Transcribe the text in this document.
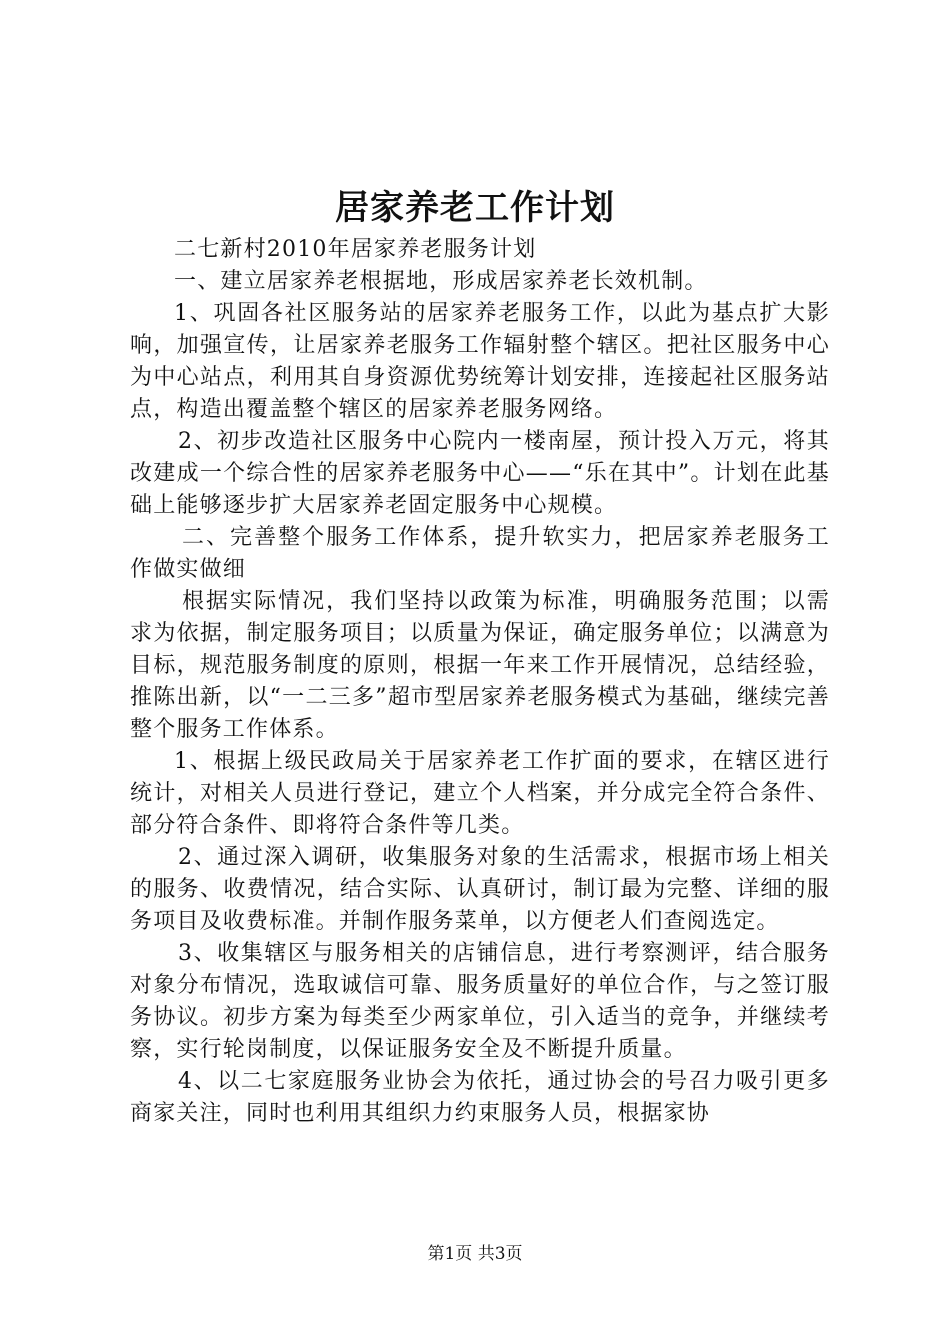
居家养老工作计划

二七新村2010年居家养老服务计划

一、建立居家养老根据地，形成居家养老长效机制。

1、巩固各社区服务站的居家养老服务工作，以此为基点扩大影响，加强宣传，让居家养老服务工作辐射整个辖区。把社区服务中心为中心站点，利用其自身资源优势统筹计划安排，连接起社区服务站点，构造出覆盖整个辖区的居家养老服务网络。

2、初步改造社区服务中心院内一楼南屋，预计投入万元，将其改建成一个综合性的居家养老服务中心——“乐在其中”。计划在此基础上能够逐步扩大居家养老固定服务中心规模。

二、完善整个服务工作体系，提升软实力，把居家养老服务工作做实做细

根据实际情况，我们坚持以政策为标准，明确服务范围；以需求为依据，制定服务项目；以质量为保证，确定服务单位；以满意为目标，规范服务制度的原则，根据一年来工作开展情况，总结经验，推陈出新，以“一二三多”超市型居家养老服务模式为基础，继续完善整个服务工作体系。

1、根据上级民政局关于居家养老工作扩面的要求，在辖区进行统计，对相关人员进行登记，建立个人档案，并分成完全符合条件、部分符合条件、即将符合条件等几类。

2、通过深入调研，收集服务对象的生活需求，根据市场上相关的服务、收费情况，结合实际、认真研讨，制订最为完整、详细的服务项目及收费标准。并制作服务菜单，以方便老人们查阅选定。

3、收集辖区与服务相关的店铺信息，进行考察测评，结合服务对象分布情况，选取诚信可靠、服务质量好的单位合作，与之签订服务协议。初步方案为每类至少两家单位，引入适当的竞争，并继续考察，实行轮岗制度，以保证服务安全及不断提升质量。

4、以二七家庭服务业协会为依托，通过协会的号召力吸引更多商家关注，同时也利用其组织力约束服务人员，根据家协

第1页 共3页
